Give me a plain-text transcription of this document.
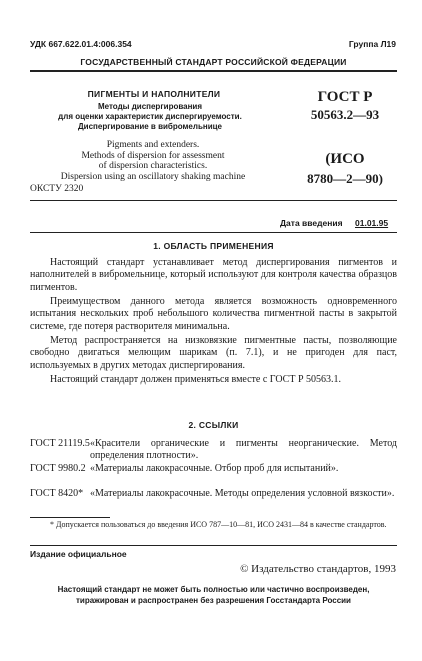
УДК 667.622.01.4:006.354	Группа Л19
ГОСУДАРСТВЕННЫЙ СТАНДАРТ РОССИЙСКОЙ ФЕДЕРАЦИИ
ПИГМЕНТЫ И НАПОЛНИТЕЛИ
Методы диспергирования
для оценки характеристик диспергируемости.
Диспергирование в вибромельнице
Pigments and extenders.
Methods of dispersion for assessment
of dispersion characteristics.
Dispersion using an oscillatory shaking machine
ОКСТУ 2320
ГОСТ Р
50563.2—93
(ИСО
8780—2—90)
Дата введения 01.01.95
1. ОБЛАСТЬ ПРИМЕНЕНИЯ

Настоящий стандарт устанавливает метод диспергирования пигментов и наполнителей в вибромельнице, который используют для контроля качества образцов пигментов.

Преимуществом данного метода является возможность одновременного испытания нескольких проб небольшого количества пигментной пасты в закрытой системе, где потеря растворителя минимальна.

Метод распространяется на низковязкие пигментные пасты, позволяющие свободно двигаться мелющим шарикам (п. 7.1), и не пригоден для паст, используемых в других методах диспергирования.

Настоящий стандарт должен применяться вместе с ГОСТ Р 50563.1.

2. ССЫЛКИ
ГОСТ 21119.5 «Красители органические и пигменты неорганические. Метод определения плотности».
ГОСТ 9980.2 «Материалы лакокрасочные. Отбор проб для испытаний».
ГОСТ 8420* «Материалы лакокрасочные. Методы определения условной вязкости».
* Допускается пользоваться до введения ИСО 787—10—81, ИСО 2431—84 в качестве стандартов.
Издание официальное
© Издательство стандартов, 1993
Настоящий стандарт не может быть полностью или частично воспроизведен,
тиражирован и распространен без разрешения Госстандарта России
